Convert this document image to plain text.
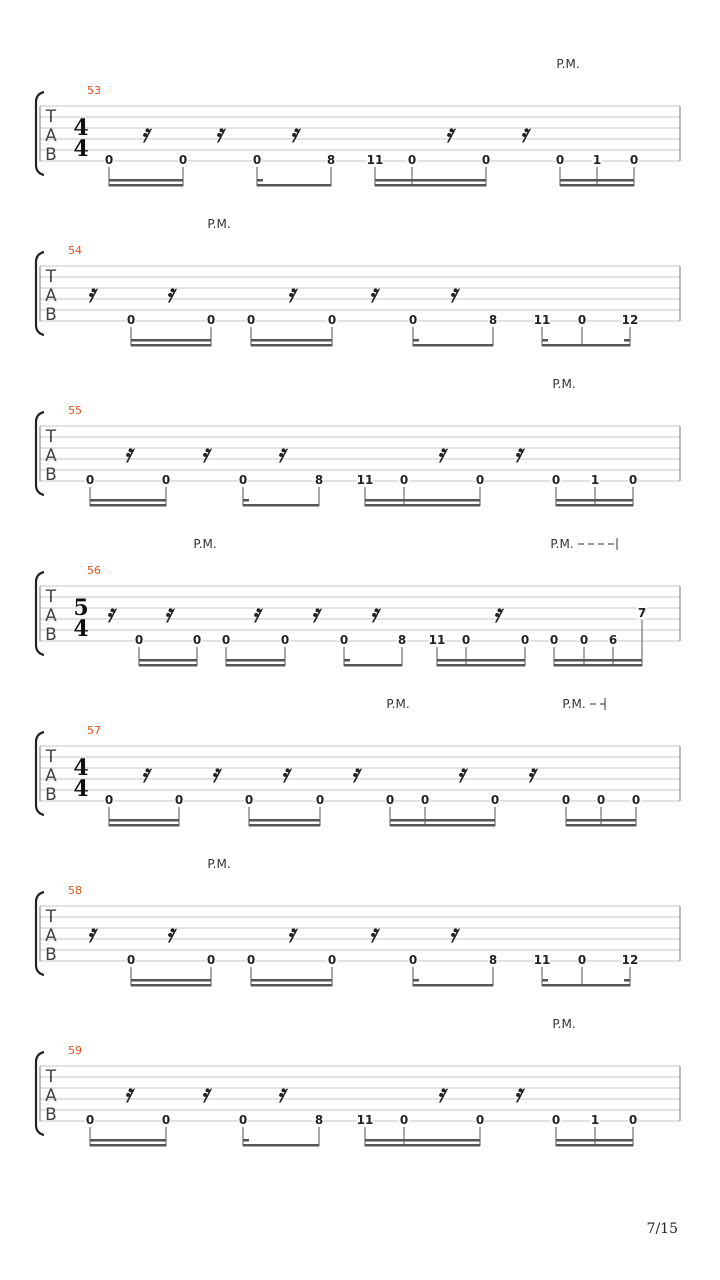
T
A
B
53
4
4
𝄿	𝄿	𝄿	𝄿	𝄿
P.M.
0	0	0	8	11 0	0	0 1 0
T
A
B
54
𝄿	𝄿	𝄿	𝄿	𝄿
P.M.
0	0	0	0	0	8	11 0	12
T
A
B
55
𝄿	𝄿	𝄿	𝄿	𝄿
P.M.
0	0	0	8	11 0	0	0	1 0
T
A
B
56
5
4
𝄿 𝄿	𝄿 𝄿 𝄿	𝄿
P.M.	P.M.
0	0 0	0	0	8 11 0	0 0 0 6
7
T
A
B
57
4
4
𝄿	𝄿	𝄿	𝄿	𝄿	𝄿
P.M.	P.M.
0	0	0	0	0 0	0	0 0 0
T
A
B
58
𝄿	𝄿	𝄿	𝄿	𝄿
P.M.
0	0	0	0	0	8	11 0	12
T
A
B
59
𝄿	𝄿	𝄿	𝄿	𝄿
P.M.
0	0	0	8	11 0	0	0	1 0
7/15
